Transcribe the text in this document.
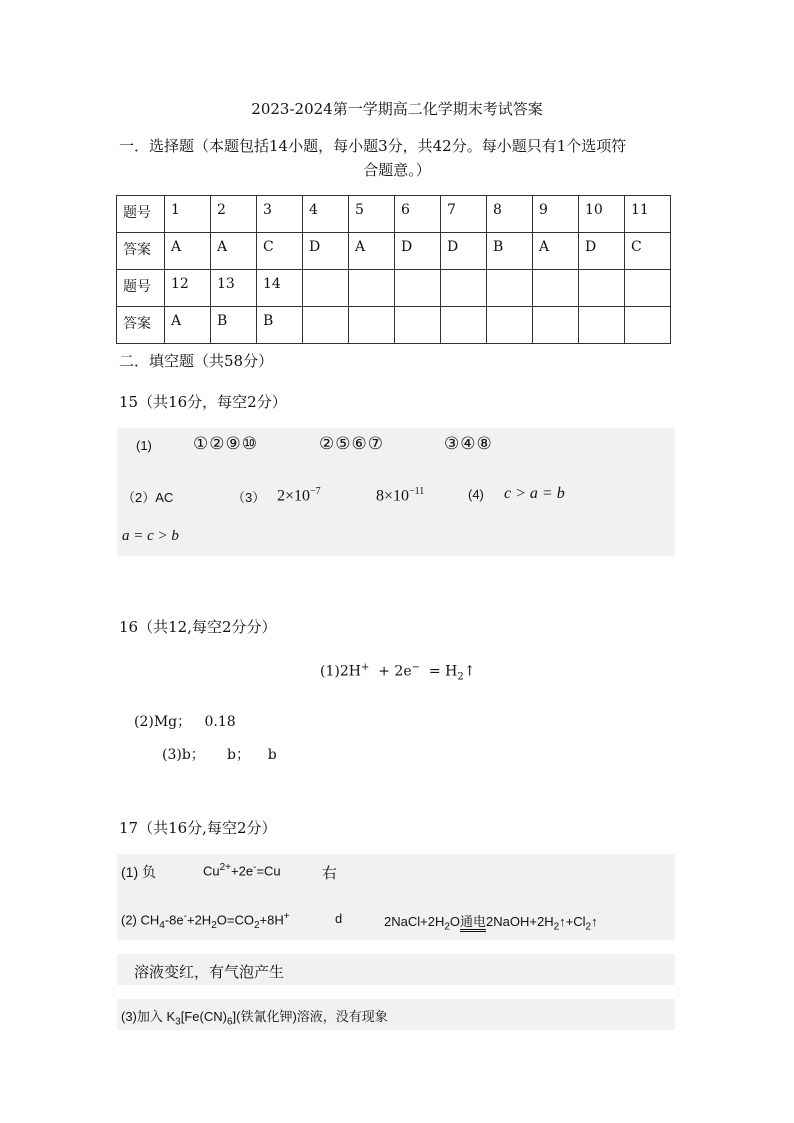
2023-2024第一学期高二化学期末考试答案
一．选择题（本题包括14小题，每小题3分，共42分。每小题只有1个选项符
合题意。）
题号	1	2	3	4	5	6	7	8	9	10	11
答案	A	A	C	D	A	D	D	B	A	D	C
题号	12	13	14								
答案	A	B	B								
二．填空题（共58分）
15（共16分，每空2分）
(1) ①②⑨⑩	②⑤⑥⑦	③④⑧
（2）AC	（3） $2\times 10^{-7}$	$8\times 10^{-11}$	(4) c > a = b
a = c > b
16（共12,每空2分分）
$(1)2H^+ + 2e^- = H_2↑$
(2)Mg；   0.18
(3)b；     b；    b
17（共16分,每空2分）
(1) 负	$Cu^{2+}+2e^-=Cu$	右
(2) $CH_4-8e^-+2H_2O=CO_2+8H^+$	d	$2NaCl+2H_2O$通电$2NaOH+2H_2↑+Cl_2↑$
溶液变红，有气泡产生
(3)加入 $K_3[Fe(CN)_6]$(铁氰化钾)溶液，没有现象
